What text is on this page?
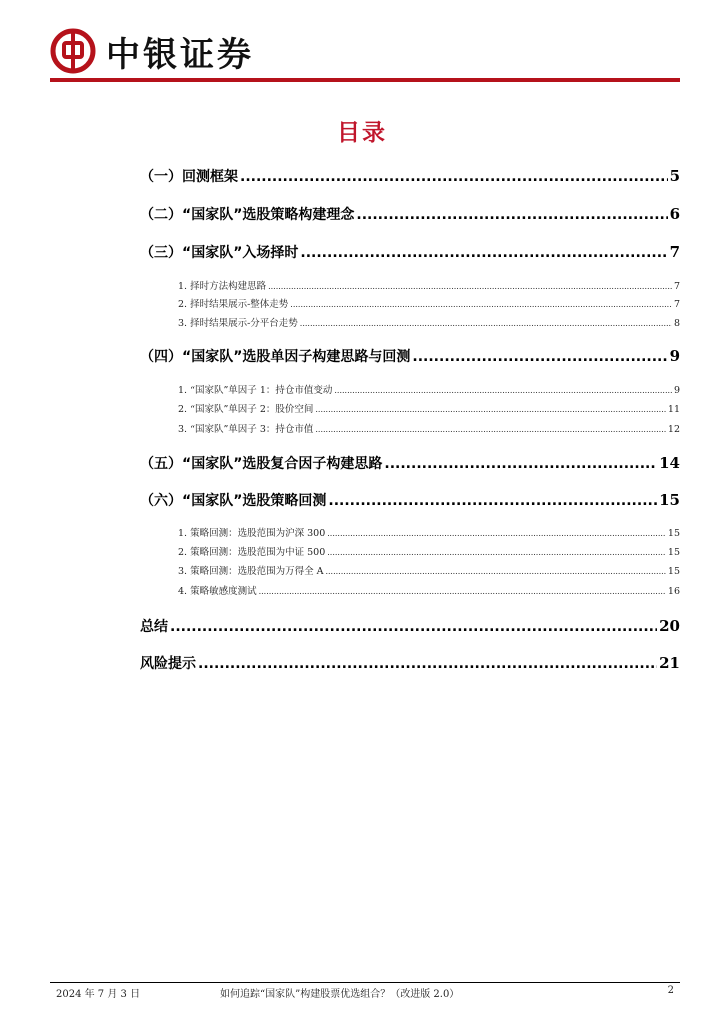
中银证券
目录
（一）回测框架 .....	5
（二）“国家队”选股策略构建理念 .....	6
（三）“国家队”入场择时 .....	7
1. 择时方法构建思路 .....	7
2. 择时结果展示-整体走势 .....	7
3. 择时结果展示-分平台走势 .....	8
（四）“国家队”选股单因子构建思路与回测 .....	9
1. “国家队”单因子 1：持仓市值变动 .....	9
2. “国家队”单因子 2：股价空间 .....	11
3. “国家队”单因子 3：持仓市值 .....	12
（五）“国家队”选股复合因子构建思路 .....	14
（六）“国家队”选股策略回测 .....	15
1. 策略回测：选股范围为沪深 300 .....	15
2. 策略回测：选股范围为中证 500 .....	15
3. 策略回测：选股范围为万得全 A .....	15
4. 策略敏感度测试 .....	16
总结 .....	20
风险提示 .....	21
2024 年 7 月 3 日	如何追踪“国家队”构建股票优选组合？（改进版 2.0）	2
